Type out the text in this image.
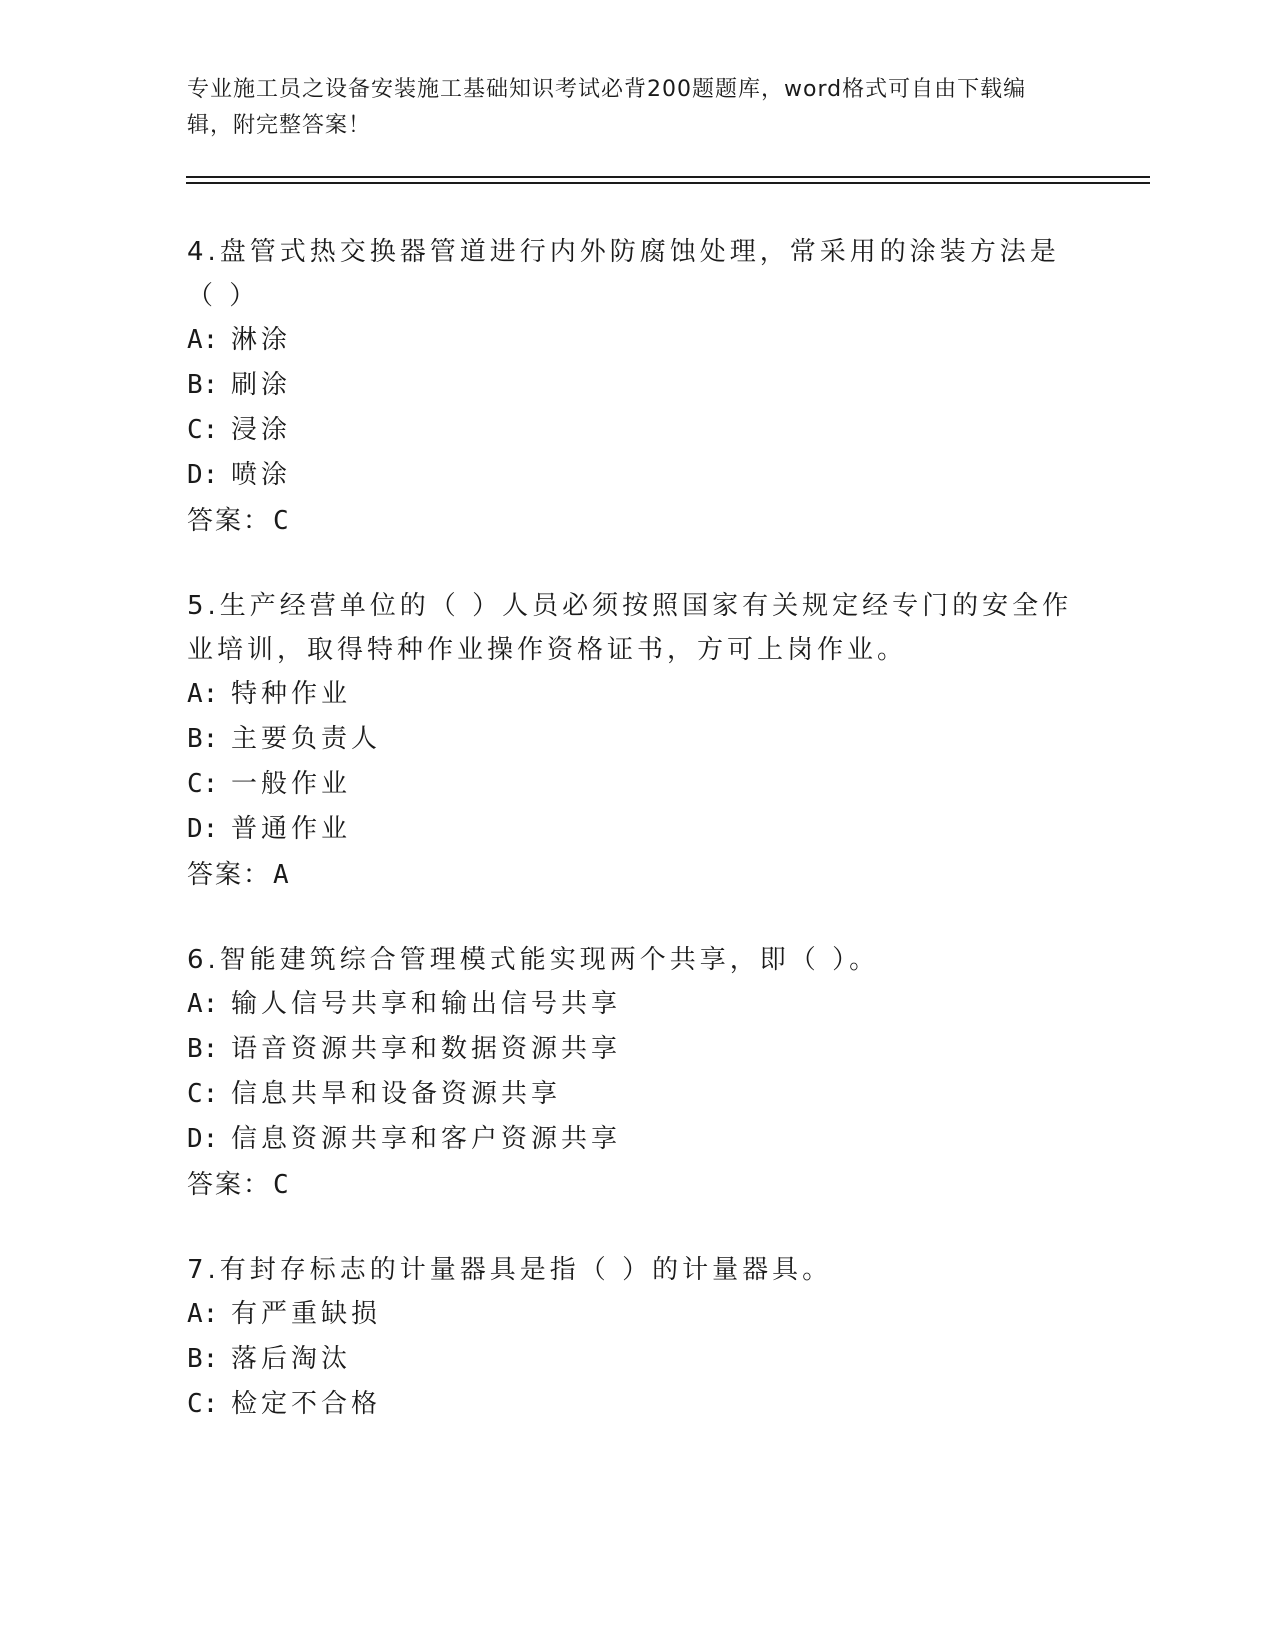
专业施工员之设备安装施工基础知识考试必背200题题库，word格式可自由下载编辑，附完整答案！
4.盘管式热交换器管道进行内外防腐蚀处理，常采用的涂装方法是（ ）
A: 淋涂
B: 刷涂
C: 浸涂
D: 喷涂
答案： C
5.生产经营单位的（ ）人员必须按照国家有关规定经专门的安全作业培训，取得特种作业操作资格证书，方可上岗作业。
A: 特种作业
B: 主要负责人
C: 一般作业
D: 普通作业
答案： A
6.智能建筑综合管理模式能实现两个共享，即（ ）。
A: 输人信号共享和输出信号共享
B: 语音资源共享和数据资源共享
C: 信息共旱和设备资源共享
D: 信息资源共享和客户资源共享
答案： C
7.有封存标志的计量器具是指（ ）的计量器具。
A: 有严重缺损
B: 落后淘汰
C: 检定不合格
